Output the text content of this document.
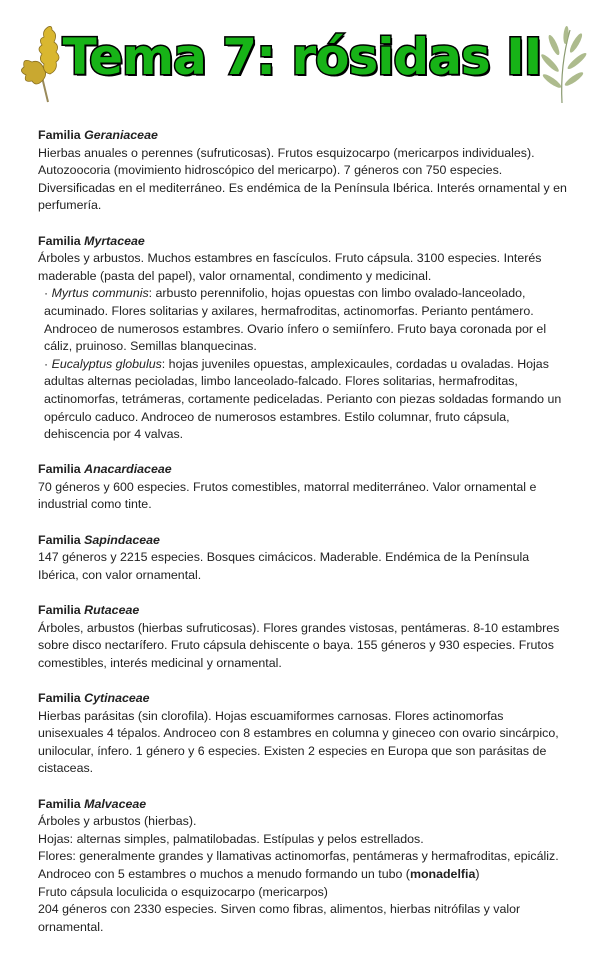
Tema 7: rósidas II
Familia Geraniaceae

Hierbas anuales o perennes (sufruticosas). Frutos esquizocarpo (mericarpos individuales). Autozoocoria (movimiento hidroscópico del mericarpo). 7 géneros con 750 especies. Diversificadas en el mediterráneo. Es endémica de la Península Ibérica. Interés ornamental y en perfumería.

Familia Myrtaceae

Árboles y arbustos. Muchos estambres en fascículos. Fruto cápsula. 3100 especies. Interés maderable (pasta del papel), valor ornamental, condimento y medicinal.

· Myrtus communis: arbusto perennifolio, hojas opuestas con limbo ovalado-lanceolado, acuminado. Flores solitarias y axilares, hermafroditas, actinomorfas. Perianto pentámero. Androceo de numerosos estambres. Ovario ínfero o semiínfero. Fruto baya coronada por el cáliz, pruinoso. Semillas blanquecinas.

· Eucalyptus globulus: hojas juveniles opuestas, amplexicaules, cordadas u ovaladas. Hojas adultas alternas pecioladas, limbo lanceolado-falcado. Flores solitarias, hermafroditas, actinomorfas, tetrámeras, cortamente pediceladas. Perianto con piezas soldadas formando un opérculo caduco. Androceo de numerosos estambres. Estilo columnar, fruto cápsula, dehiscencia por 4 valvas.

Familia Anacardiaceae

70 géneros y 600 especies. Frutos comestibles, matorral mediterráneo. Valor ornamental e industrial como tinte.

Familia Sapindaceae

147 géneros y 2215 especies. Bosques cimácicos. Maderable. Endémica de la Península Ibérica, con valor ornamental.

Familia Rutaceae

Árboles, arbustos (hierbas sufruticosas). Flores grandes vistosas, pentámeras. 8-10 estambres sobre disco nectarífero. Fruto cápsula dehiscente o baya. 155 géneros y 930 especies. Frutos comestibles, interés medicinal y ornamental.

Familia Cytinaceae

Hierbas parásitas (sin clorofila). Hojas escuamiformes carnosas. Flores actinomorfas unisexuales 4 tépalos. Androceo con 8 estambres en columna y gineceo con ovario sincárpico, unilocular, ínfero. 1 género y 6 especies. Existen 2 especies en Europa que son parásitas de cistaceas.

Familia Malvaceae

Árboles y arbustos (hierbas).

Hojas: alternas simples, palmatilobadas. Estípulas y pelos estrellados.

Flores: generalmente grandes y llamativas actinomorfas, pentámeras y hermafroditas, epicáliz.

Androceo con 5 estambres o muchos a menudo formando un tubo (monadelfia)

Fruto cápsula loculicida o esquizocarpo (mericarpos)

204 géneros con 2330 especies. Sirven como fibras, alimentos, hierbas nitrófilas y valor ornamental.
